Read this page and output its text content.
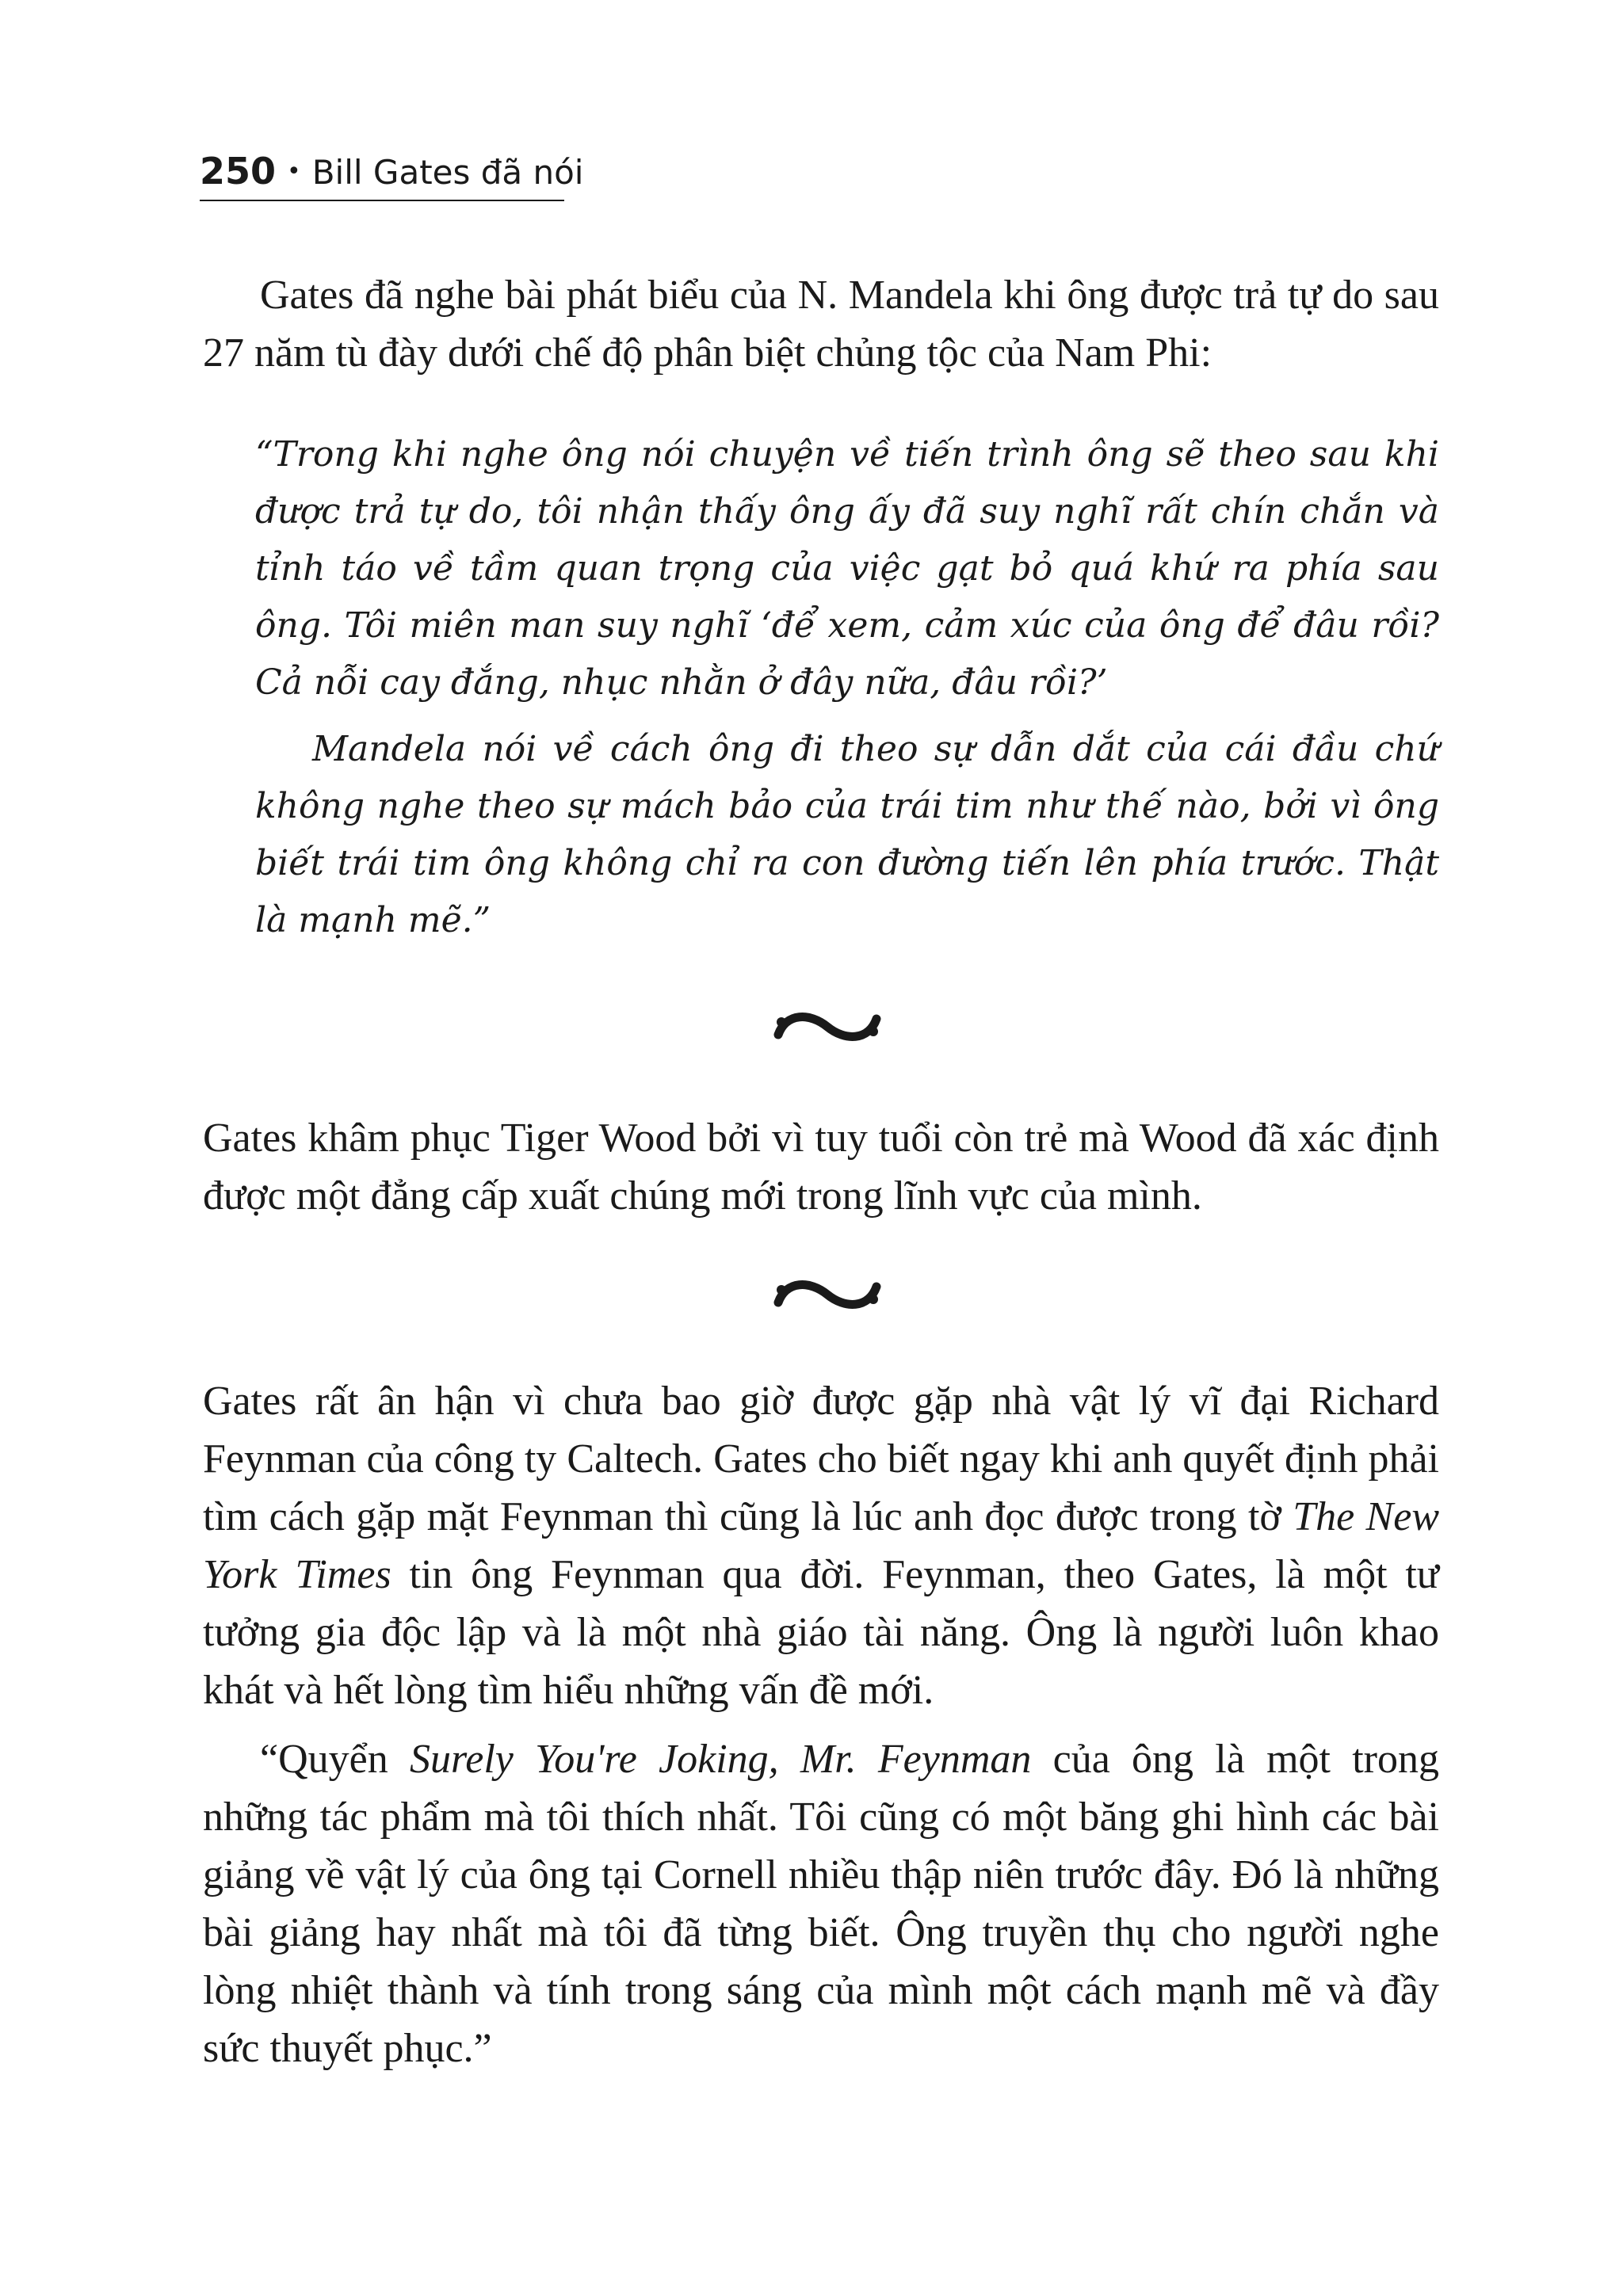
250 • Bill Gates đã nói

Gates đã nghe bài phát biểu của N. Mandela khi ông được trả tự do sau 27 năm tù đày dưới chế độ phân biệt chủng tộc của Nam Phi:

“Trong khi nghe ông nói chuyện về tiến trình ông sẽ theo sau khi được trả tự do, tôi nhận thấy ông ấy đã suy nghĩ rất chín chắn và tỉnh táo về tầm quan trọng của việc gạt bỏ quá khứ ra phía sau ông. Tôi miên man suy nghĩ ‘để xem, cảm xúc của ông để đâu rồi? Cả nỗi cay đắng, nhục nhằn ở đây nữa, đâu rồi?’

Mandela nói về cách ông đi theo sự dẫn dắt của cái đầu chứ không nghe theo sự mách bảo của trái tim như thế nào, bởi vì ông biết trái tim ông không chỉ ra con đường tiến lên phía trước. Thật là mạnh mẽ.”

Gates khâm phục Tiger Wood bởi vì tuy tuổi còn trẻ mà Wood đã xác định được một đẳng cấp xuất chúng mới trong lĩnh vực của mình.

Gates rất ân hận vì chưa bao giờ được gặp nhà vật lý vĩ đại Richard Feynman của công ty Caltech. Gates cho biết ngay khi anh quyết định phải tìm cách gặp mặt Feynman thì cũng là lúc anh đọc được trong tờ The New York Times tin ông Feynman qua đời. Feynman, theo Gates, là một tư tưởng gia độc lập và là một nhà giáo tài năng. Ông là người luôn khao khát và hết lòng tìm hiểu những vấn đề mới.

“Quyển Surely You're Joking, Mr. Feynman của ông là một trong những tác phẩm mà tôi thích nhất. Tôi cũng có một băng ghi hình các bài giảng về vật lý của ông tại Cornell nhiều thập niên trước đây. Đó là những bài giảng hay nhất mà tôi đã từng biết. Ông truyền thụ cho người nghe lòng nhiệt thành và tính trong sáng của mình một cách mạnh mẽ và đầy sức thuyết phục.”
